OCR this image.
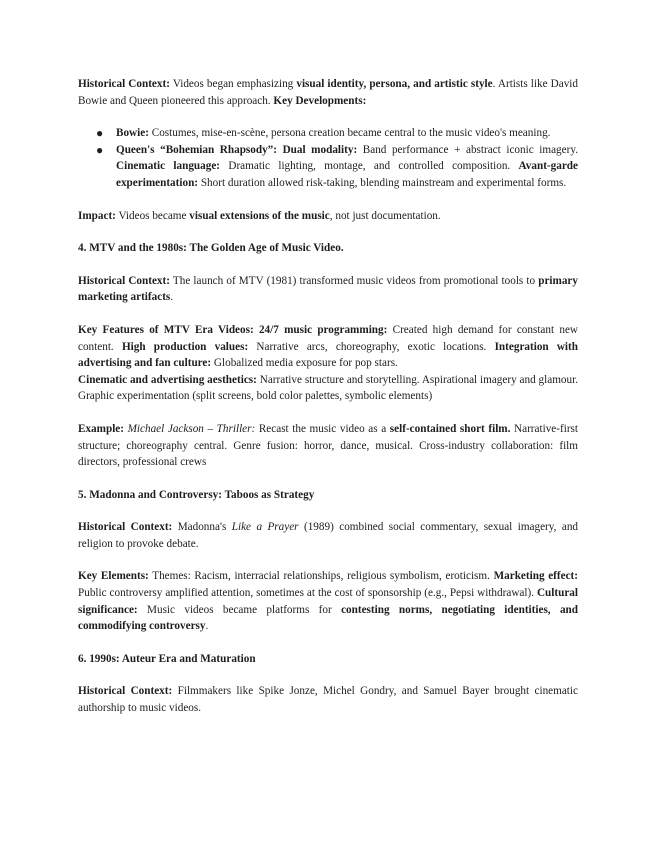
Historical Context: Videos began emphasizing visual identity, persona, and artistic style. Artists like David Bowie and Queen pioneered this approach. Key Developments:

● Bowie: Costumes, mise-en-scène, persona creation became central to the music video's meaning.
● Queen's “Bohemian Rhapsody”: Dual modality: Band performance + abstract iconic imagery. Cinematic language: Dramatic lighting, montage, and controlled composition. Avant-garde experimentation: Short duration allowed risk-taking, blending mainstream and experimental forms.

Impact: Videos became visual extensions of the music, not just documentation.

4. MTV and the 1980s: The Golden Age of Music Video.

Historical Context: The launch of MTV (1981) transformed music videos from promotional tools to primary marketing artifacts.

Key Features of MTV Era Videos: 24/7 music programming: Created high demand for constant new content. High production values: Narrative arcs, choreography, exotic locations. Integration with advertising and fan culture: Globalized media exposure for pop stars.

Cinematic and advertising aesthetics: Narrative structure and storytelling. Aspirational imagery and glamour. Graphic experimentation (split screens, bold color palettes, symbolic elements)

Example: Michael Jackson – Thriller: Recast the music video as a self-contained short film. Narrative-first structure; choreography central. Genre fusion: horror, dance, musical. Cross-industry collaboration: film directors, professional crews

5. Madonna and Controversy: Taboos as Strategy

Historical Context: Madonna's Like a Prayer (1989) combined social commentary, sexual imagery, and religion to provoke debate.

Key Elements: Themes: Racism, interracial relationships, religious symbolism, eroticism. Marketing effect: Public controversy amplified attention, sometimes at the cost of sponsorship (e.g., Pepsi withdrawal). Cultural significance: Music videos became platforms for contesting norms, negotiating identities, and commodifying controversy.

6. 1990s: Auteur Era and Maturation

Historical Context: Filmmakers like Spike Jonze, Michel Gondry, and Samuel Bayer brought cinematic authorship to music videos.
